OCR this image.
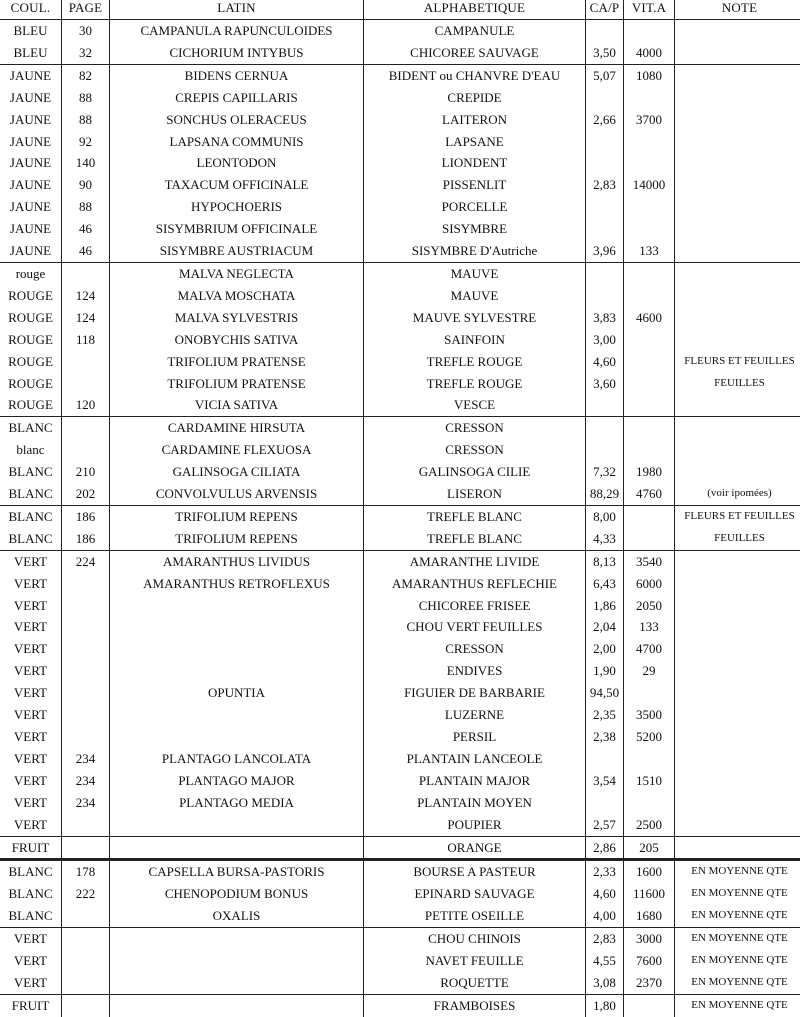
COUL.	PAGE	LATIN	ALPHABETIQUE	CA/P	VIT.A	NOTE
BLEU	30	CAMPANULA RAPUNCULOIDES	CAMPANULE			
BLEU	32	CICHORIUM INTYBUS	CHICOREE SAUVAGE	3,50	4000	
JAUNE	82	BIDENS CERNUA	BIDENT ou CHANVRE D'EAU	5,07	1080	
JAUNE	88	CREPIS CAPILLARIS	CREPIDE			
JAUNE	88	SONCHUS OLERACEUS	LAITERON	2,66	3700	
JAUNE	92	LAPSANA COMMUNIS	LAPSANE			
JAUNE	140	LEONTODON	LIONDENT			
JAUNE	90	TAXACUM OFFICINALE	PISSENLIT	2,83	14000	
JAUNE	88	HYPOCHOERIS	PORCELLE			
JAUNE	46	SISYMBRIUM OFFICINALE	SISYMBRE			
JAUNE	46	SISYMBRE AUSTRIACUM	SISYMBRE D'Autriche	3,96	133	
rouge		MALVA NEGLECTA	MAUVE			
ROUGE	124	MALVA MOSCHATA	MAUVE			
ROUGE	124	MALVA SYLVESTRIS	MAUVE SYLVESTRE	3,83	4600	
ROUGE	118	ONOBYCHIS SATIVA	SAINFOIN	3,00		
ROUGE		TRIFOLIUM PRATENSE	TREFLE ROUGE	4,60		FLEURS ET FEUILLES
ROUGE		TRIFOLIUM PRATENSE	TREFLE ROUGE	3,60		FEUILLES
ROUGE	120	VICIA SATIVA	VESCE			
BLANC		CARDAMINE HIRSUTA	CRESSON			
blanc		CARDAMINE FLEXUOSA	CRESSON			
BLANC	210	GALINSOGA CILIATA	GALINSOGA CILIE	7,32	1980	
BLANC	202	CONVOLVULUS ARVENSIS	LISERON	88,29	4760	(voir ipomées)
BLANC	186	TRIFOLIUM REPENS	TREFLE BLANC	8,00		FLEURS ET FEUILLES
BLANC	186	TRIFOLIUM REPENS	TREFLE BLANC	4,33		FEUILLES
VERT	224	AMARANTHUS LIVIDUS	AMARANTHE LIVIDE	8,13	3540	
VERT		AMARANTHUS RETROFLEXUS	AMARANTHUS REFLECHIE	6,43	6000	
VERT			CHICOREE FRISEE	1,86	2050	
VERT			CHOU VERT FEUILLES	2,04	133	
VERT			CRESSON	2,00	4700	
VERT			ENDIVES	1,90	29	
VERT		OPUNTIA	FIGUIER DE BARBARIE	94,50		
VERT			LUZERNE	2,35	3500	
VERT			PERSIL	2,38	5200	
VERT	234	PLANTAGO LANCOLATA	PLANTAIN LANCEOLE			
VERT	234	PLANTAGO MAJOR	PLANTAIN MAJOR	3,54	1510	
VERT	234	PLANTAGO MEDIA	PLANTAIN MOYEN			
VERT			POUPIER	2,57	2500	
FRUIT			ORANGE	2,86	205	
BLANC	178	CAPSELLA BURSA-PASTORIS	BOURSE A PASTEUR	2,33	1600	EN MOYENNE QTE
BLANC	222	CHENOPODIUM BONUS	EPINARD SAUVAGE	4,60	11600	EN MOYENNE QTE
BLANC		OXALIS	PETITE OSEILLE	4,00	1680	EN MOYENNE QTE
VERT			CHOU CHINOIS	2,83	3000	EN MOYENNE QTE
VERT			NAVET FEUILLE	4,55	7600	EN MOYENNE QTE
VERT			ROQUETTE	3,08	2370	EN MOYENNE QTE
FRUIT			FRAMBOISES	1,80		EN MOYENNE QTE
